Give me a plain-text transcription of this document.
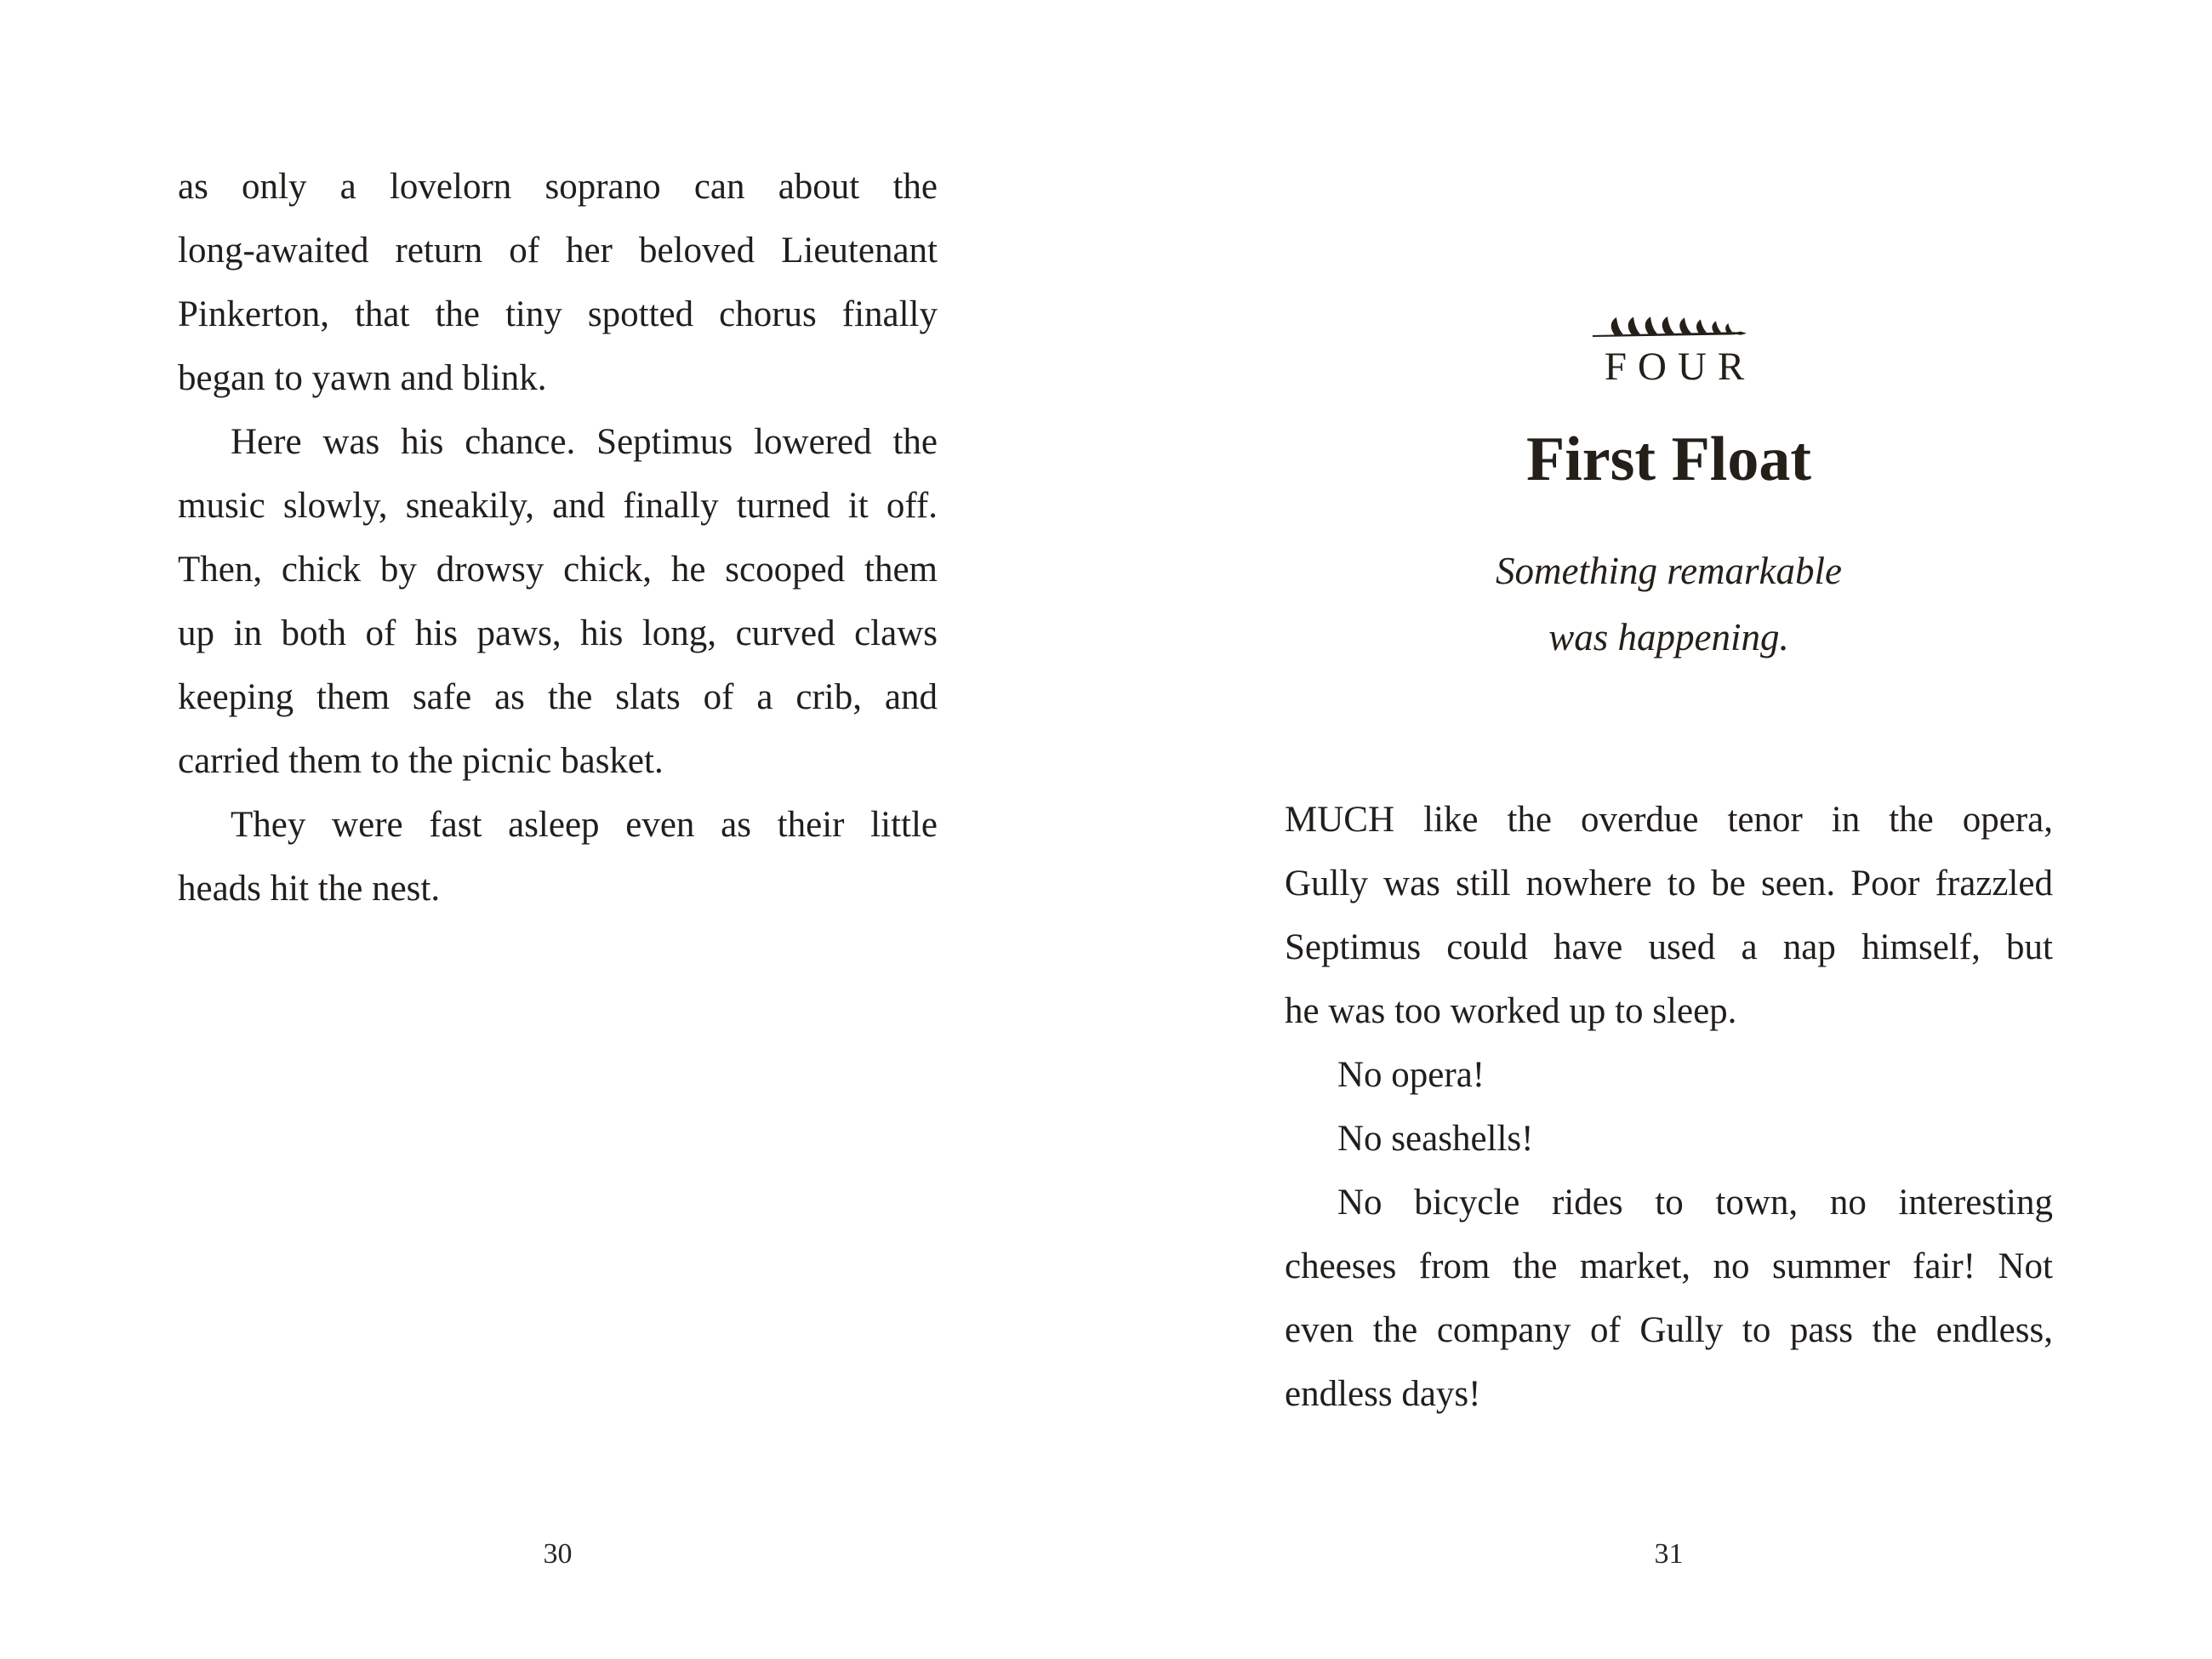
as only a lovelorn soprano can about the
long-awaited return of her beloved Lieutenant
Pinkerton, that the tiny spotted chorus finally
began to yawn and blink.
Here was his chance. Septimus lowered the
music slowly, sneakily, and finally turned it off.
Then, chick by drowsy chick, he scooped them
up in both of his paws, his long, curved claws
keeping them safe as the slats of a crib, and
carried them to the picnic basket.
They were fast asleep even as their little
heads hit the nest.
30
FOUR
First Float
Something remarkable
was happening.
MUCH like the overdue tenor in the opera,
Gully was still nowhere to be seen. Poor frazzled
Septimus could have used a nap himself, but
he was too worked up to sleep.
No opera!
No seashells!
No bicycle rides to town, no interesting
cheeses from the market, no summer fair! Not
even the company of Gully to pass the endless,
endless days!
31
